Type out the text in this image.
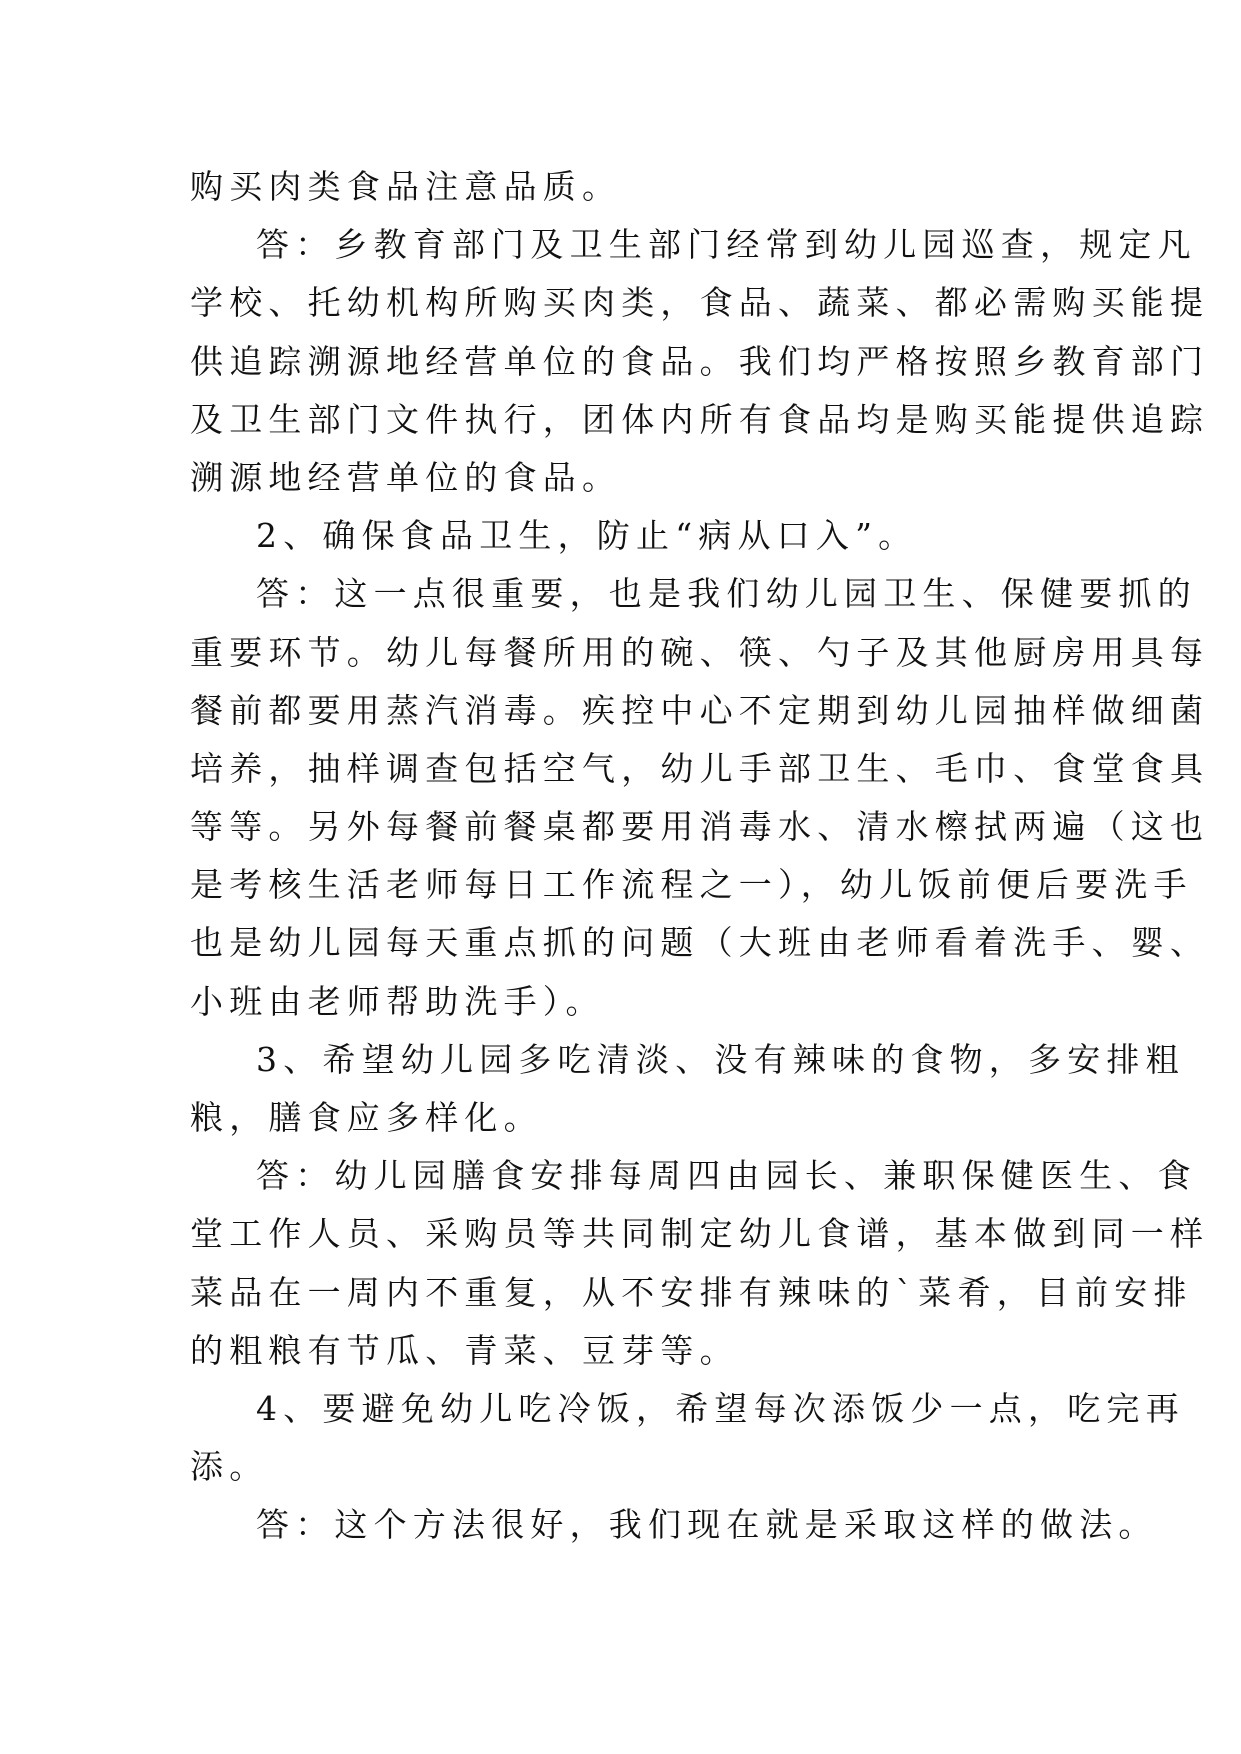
购买肉类食品注意品质。
答：乡教育部门及卫生部门经常到幼儿园巡查，规定凡
学校、托幼机构所购买肉类，食品、蔬菜、都必需购买能提
供追踪溯源地经营单位的食品。我们均严格按照乡教育部门
及卫生部门文件执行，团体内所有食品均是购买能提供追踪
溯源地经营单位的食品。
2、确保食品卫生，防止“病从口入”。
答：这一点很重要，也是我们幼儿园卫生、保健要抓的
重要环节。幼儿每餐所用的碗、筷、勺子及其他厨房用具每
餐前都要用蒸汽消毒。疾控中心不定期到幼儿园抽样做细菌
培养，抽样调查包括空气，幼儿手部卫生、毛巾、食堂食具
等等。另外每餐前餐桌都要用消毒水、清水檫拭两遍（这也
是考核生活老师每日工作流程之一），幼儿饭前便后要洗手
也是幼儿园每天重点抓的问题（大班由老师看着洗手、婴、
小班由老师帮助洗手）。
3、希望幼儿园多吃清淡、没有辣味的食物，多安排粗
粮，膳食应多样化。
答：幼儿园膳食安排每周四由园长、兼职保健医生、食
堂工作人员、采购员等共同制定幼儿食谱，基本做到同一样
菜品在一周内不重复，从不安排有辣味的`菜肴，目前安排
的粗粮有节瓜、青菜、豆芽等。
4、要避免幼儿吃冷饭，希望每次添饭少一点，吃完再
添。
答：这个方法很好，我们现在就是采取这样的做法。
